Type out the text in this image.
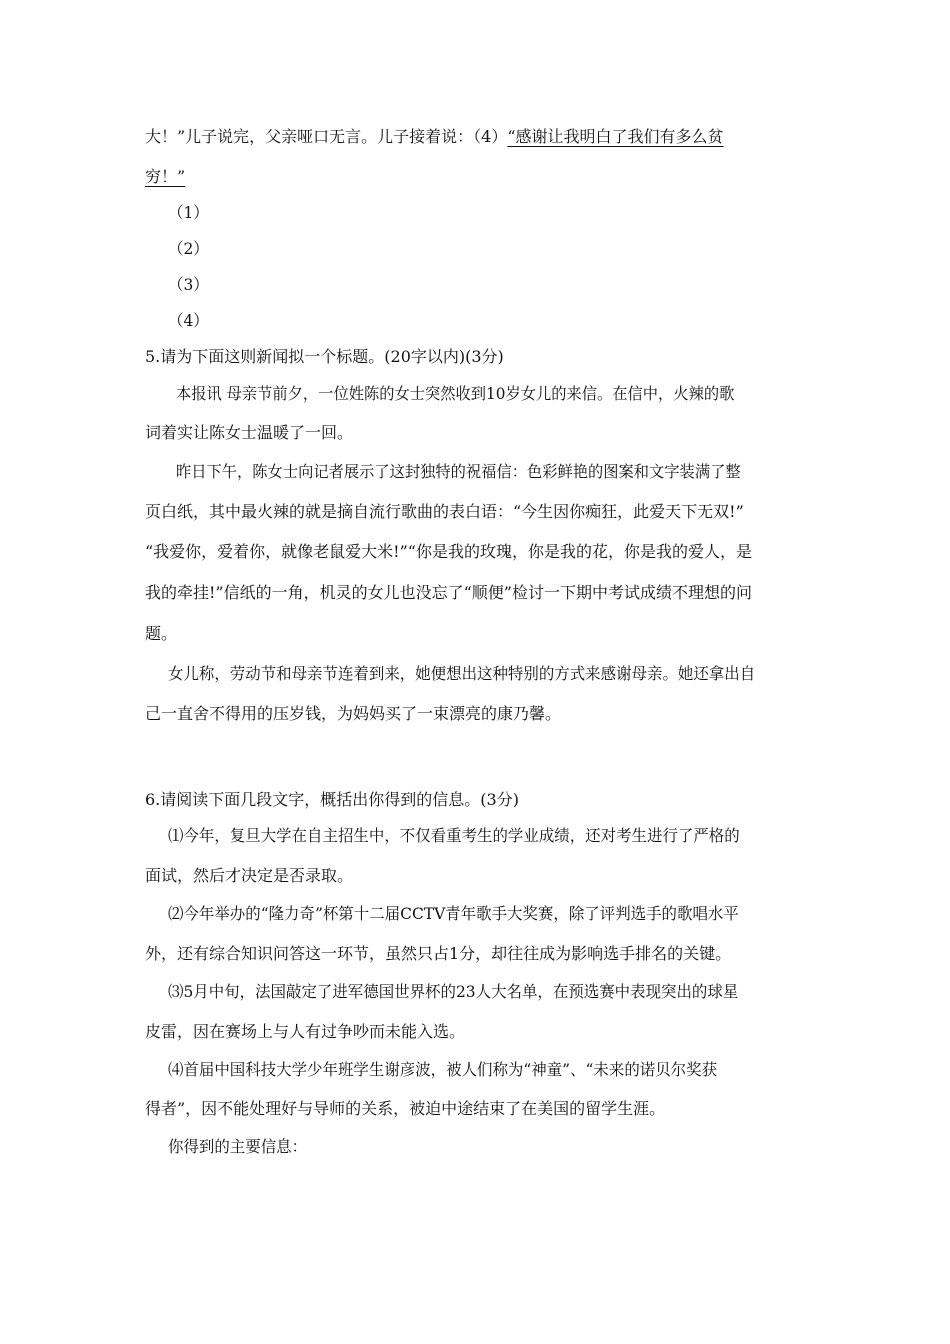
大！”儿子说完，父亲哑口无言。儿子接着说：（4）“感谢让我明白了我们有多么贫
穷！”
（1）
（2）
（3）
（4）
5.请为下面这则新闻拟一个标题。(20字以内)(3分)
本报讯 母亲节前夕，一位姓陈的女士突然收到10岁女儿的来信。在信中，火辣的歌
词着实让陈女士温暖了一回。
昨日下午，陈女士向记者展示了这封独特的祝福信：色彩鲜艳的图案和文字装满了整
页白纸，其中最火辣的就是摘自流行歌曲的表白语：“今生因你痴狂，此爱天下无双!”
“我爱你，爱着你，就像老鼠爱大米!”“你是我的玫瑰，你是我的花，你是我的爱人，是
我的牵挂!”信纸的一角，机灵的女儿也没忘了“顺便”检讨一下期中考试成绩不理想的问
题。
女儿称，劳动节和母亲节连着到来，她便想出这种特别的方式来感谢母亲。她还拿出自
己一直舍不得用的压岁钱，为妈妈买了一束漂亮的康乃馨。
6.请阅读下面几段文字，概括出你得到的信息。(3分)
⑴今年，复旦大学在自主招生中，不仅看重考生的学业成绩，还对考生进行了严格的
面试，然后才决定是否录取。
⑵今年举办的“隆力奇”杯第十二届CCTV青年歌手大奖赛，除了评判选手的歌唱水平
外，还有综合知识问答这一环节，虽然只占1分，却往往成为影响选手排名的关键。
⑶5月中旬，法国敲定了进军德国世界杯的23人大名单，在预选赛中表现突出的球星
皮雷，因在赛场上与人有过争吵而未能入选。
⑷首届中国科技大学少年班学生谢彦波，被人们称为“神童”、“未来的诺贝尔奖获
得者”，因不能处理好与导师的关系，被迫中途结束了在美国的留学生涯。
你得到的主要信息：
